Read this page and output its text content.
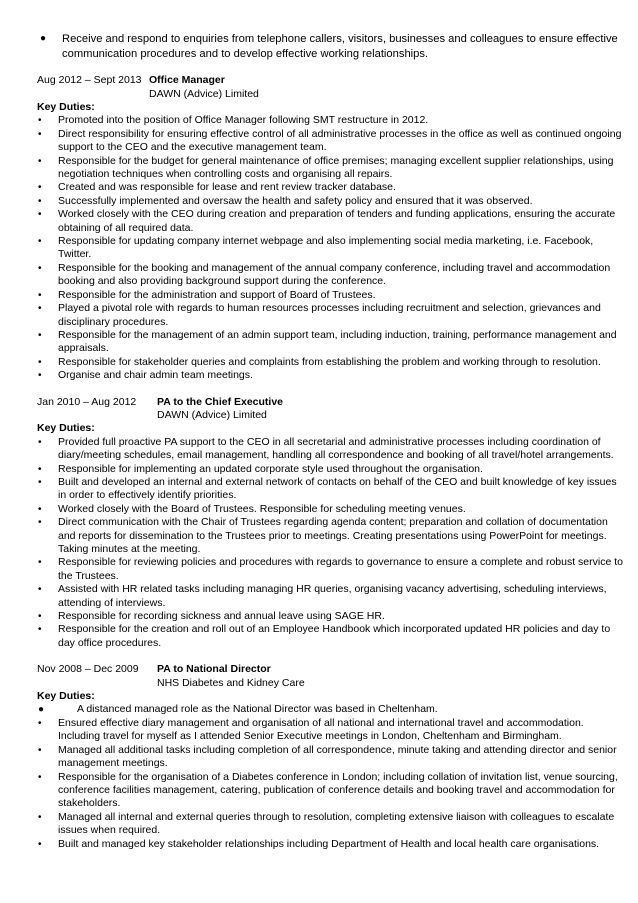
● Receive and respond to enquiries from telephone callers, visitors, businesses and colleagues to ensure effective communication procedures and to develop effective working relationships.
Aug 2012 – Sept 2013 Office Manager
DAWN (Advice) Limited
Key Duties:
• Promoted into the position of Office Manager following SMT restructure in 2012.
• Direct responsibility for ensuring effective control of all administrative processes in the office as well as continued ongoing support to the CEO and the executive management team.
• Responsible for the budget for general maintenance of office premises; managing excellent supplier relationships, using negotiation techniques when controlling costs and organising all repairs.
• Created and was responsible for lease and rent review tracker database.
• Successfully implemented and oversaw the health and safety policy and ensured that it was observed.
• Worked closely with the CEO during creation and preparation of tenders and funding applications, ensuring the accurate obtaining of all required data.
• Responsible for updating company internet webpage and also implementing social media marketing, i.e. Facebook, Twitter.
• Responsible for the booking and management of the annual company conference, including travel and accommodation booking and also providing background support during the conference.
• Responsible for the administration and support of Board of Trustees.
• Played a pivotal role with regards to human resources processes including recruitment and selection, grievances and disciplinary procedures.
• Responsible for the management of an admin support team, including induction, training, performance management and appraisals.
• Responsible for stakeholder queries and complaints from establishing the problem and working through to resolution.
• Organise and chair admin team meetings.
Jan 2010 – Aug 2012	PA to the Chief Executive
DAWN (Advice) Limited
Key Duties:
• Provided full proactive PA support to the CEO in all secretarial and administrative processes including coordination of diary/meeting schedules, email management, handling all correspondence and booking of all travel/hotel arrangements.
• Responsible for implementing an updated corporate style used throughout the organisation.
• Built and developed an internal and external network of contacts on behalf of the CEO and built knowledge of key issues in order to effectively identify priorities.
• Worked closely with the Board of Trustees. Responsible for scheduling meeting venues.
• Direct communication with the Chair of Trustees regarding agenda content; preparation and collation of documentation and reports for dissemination to the Trustees prior to meetings. Creating presentations using PowerPoint for meetings. Taking minutes at the meeting.
• Responsible for reviewing policies and procedures with regards to governance to ensure a complete and robust service to the Trustees.
• Assisted with HR related tasks including managing HR queries, organising vacancy advertising, scheduling interviews, attending of interviews.
• Responsible for recording sickness and annual leave using SAGE HR.
• Responsible for the creation and roll out of an Employee Handbook which incorporated updated HR policies and day to day office procedures.
Nov 2008 – Dec 2009	PA to National Director
NHS Diabetes and Kidney Care
Key Duties:
●	A distanced managed role as the National Director was based in Cheltenham.
• Ensured effective diary management and organisation of all national and international travel and accommodation. Including travel for myself as I attended Senior Executive meetings in London, Cheltenham and Birmingham.
• Managed all additional tasks including completion of all correspondence, minute taking and attending director and senior management meetings.
• Responsible for the organisation of a Diabetes conference in London; including collation of invitation list, venue sourcing, conference facilities management, catering, publication of conference details and booking travel and accommodation for stakeholders.
• Managed all internal and external queries through to resolution, completing extensive liaison with colleagues to escalate issues when required.
• Built and managed key stakeholder relationships including Department of Health and local health care organisations.
